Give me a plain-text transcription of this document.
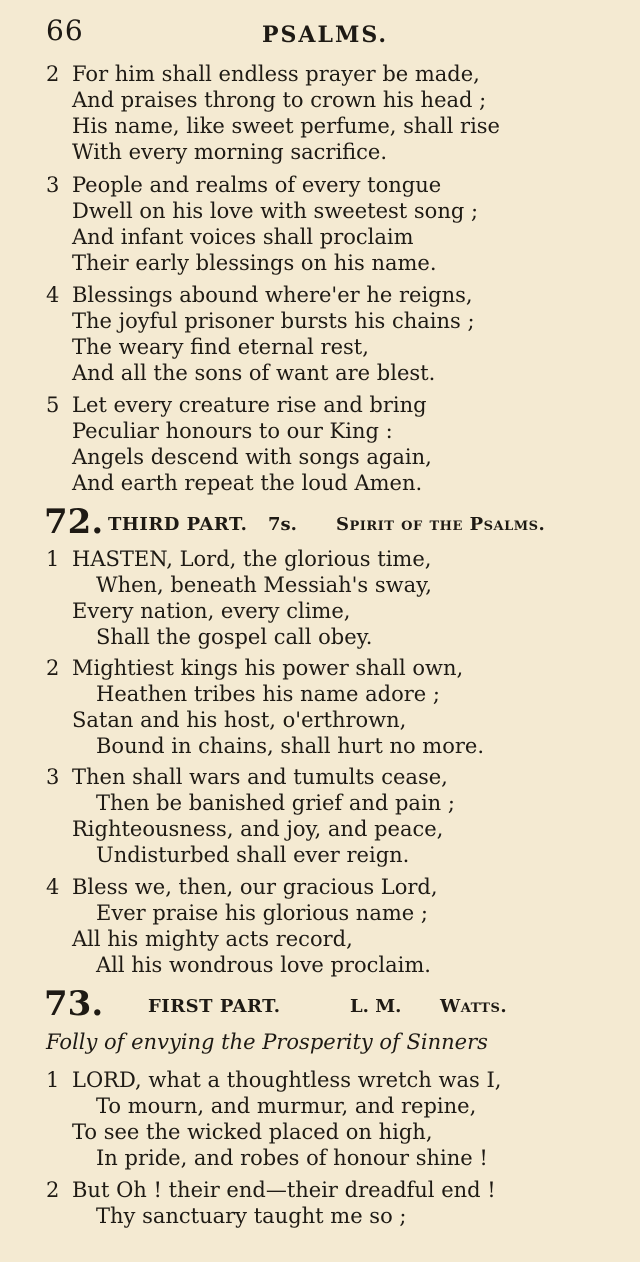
66	PSALMS.
2 For him shall endless prayer be made,
And praises throng to crown his head ;
His name, like sweet perfume, shall rise
With every morning sacrifice.
3 People and realms of every tongue
Dwell on his love with sweetest song ;
And infant voices shall proclaim
Their early blessings on his name.
4 Blessings abound where'er he reigns,
The joyful prisoner bursts his chains ;
The weary find eternal rest,
And all the sons of want are blest.
5 Let every creature rise and bring
Peculiar honours to our King :
Angels descend with songs again,
And earth repeat the loud Amen.
72. THIRD PART. 7s. Spirit of the Psalms.
1 HASTEN, Lord, the glorious time,
When, beneath Messiah's sway,
Every nation, every clime,
Shall the gospel call obey.
2 Mightiest kings his power shall own,
Heathen tribes his name adore ;
Satan and his host, o'erthrown,
Bound in chains, shall hurt no more.
3 Then shall wars and tumults cease,
Then be banished grief and pain ;
Righteousness, and joy, and peace,
Undisturbed shall ever reign.
4 Bless we, then, our gracious Lord,
Ever praise his glorious name ;
All his mighty acts record,
All his wondrous love proclaim.
73. FIRST PART.	L. M. Watts.
Folly of envying the Prosperity of Sinners
1 LORD, what a thoughtless wretch was I,
To mourn, and murmur, and repine,
To see the wicked placed on high,
In pride, and robes of honour shine !
2 But Oh ! their end—their dreadful end !
Thy sanctuary taught me so ;
